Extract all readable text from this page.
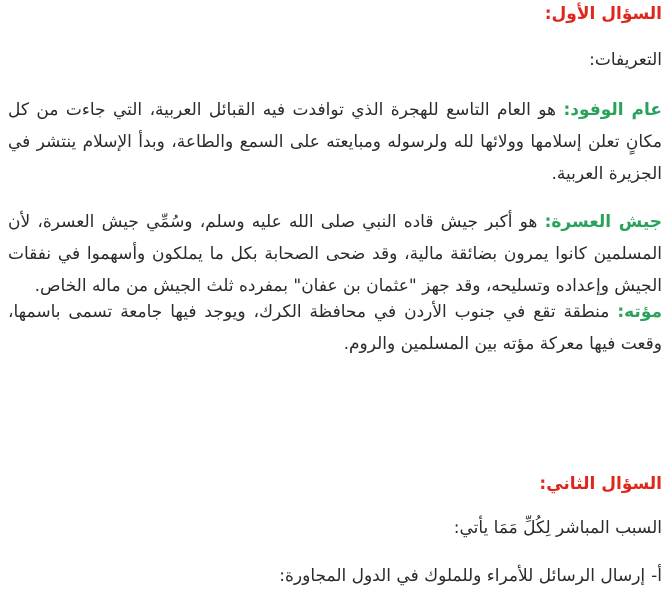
السؤال الأول:
التعريفات:
عام الوفود: هو العام التاسع للهجرة الذي توافدت فيه القبائل العربية، التي جاءت من كل مكانٍ تعلن إسلامها وولائها لله ولرسوله ومبايعته على السمع والطاعة، وبدأ الإسلام ينتشر في الجزيرة العربية.
جيش العسرة: هو أكبر جيش قاده النبي صلى الله عليه وسلم، وسُمِّي جيش العسرة، لأن المسلمين كانوا يمرون بضائقة مالية، وقد ضحى الصحابة بكل ما يملكون وأسهموا في نفقات الجيش وإعداده وتسليحه، وقد جهز "عثمان بن عفان" بمفرده ثلث الجيش من ماله الخاص.
مؤته: منطقة تقع في جنوب الأردن في محافظة الكرك، ويوجد فيها جامعة تسمى باسمها، وقعت فيها معركة مؤته بين المسلمين والروم.
السؤال الثاني:
السبب المباشر لِكُلِّ مَمَا يأتي:
أ-إرسال الرسائل للأمراء وللملوك في الدول المجاورة:
